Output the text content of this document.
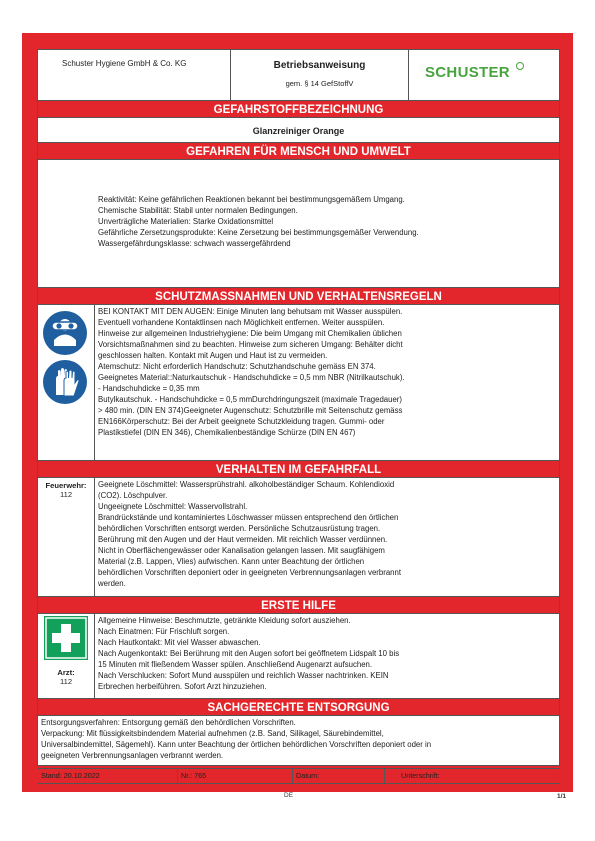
Schuster Hygiene GmbH & Co. KG	Betriebsanweisung
gem. § 14 GefStoffV
SCHUSTER
GEFAHRSTOFFBEZEICHNUNG
Glanzreiniger Orange
GEFAHREN FÜR MENSCH UND UMWELT

Reaktivität: Keine gefährlichen Reaktionen bekannt bei bestimmungsgemäßem Umgang.

Chemische Stabilität: Stabil unter normalen Bedingungen.

Unverträgliche Materialien: Starke Oxidationsmittel

Gefährliche Zersetzungsprodukte: Keine Zersetzung bei bestimmungsgemäßer Verwendung.

Wassergefährdungsklasse: schwach wassergefährdend

SCHUTZMASSNAHMEN UND VERHALTENSREGELN

BEI KONTAKT MIT DEN AUGEN: Einige Minuten lang behutsam mit Wasser ausspülen.

Eventuell vorhandene Kontaktlinsen nach Möglichkeit entfernen. Weiter ausspülen.

Hinweise zur allgemeinen Industriehygiene: Die beim Umgang mit Chemikalien üblichen

Vorsichtsmaßnahmen sind zu beachten. Hinweise zum sicheren Umgang: Behälter dicht

geschlossen halten. Kontakt mit Augen und Haut ist zu vermeiden.

Atemschutz: Nicht erforderlich Handschutz: Schutzhandschuhe gemäss EN 374.

Geeignetes Material::Naturkautschuk - Handschuhdicke = 0,5 mm NBR (Nitrilkautschuk).

- Handschuhdicke = 0,35 mm

Butylkautschuk. - Handschuhdicke = 0,5 mmDurchdringungszeit (maximale Tragedauer)

> 480 min. (DIN EN 374)Geeigneter Augenschutz: Schutzbrille mit Seitenschutz gemäss

EN166Körperschutz: Bei der Arbeit geeignete Schutzkleidung tragen. Gummi- oder

Plastikstiefel (DIN EN 346), Chemikalienbeständige Schürze (DIN EN 467)

VERHALTEN IM GEFAHRFALL
Feuerwehr:
112

Geeignete Löschmittel: Wassersprühstrahl. alkoholbeständiger Schaum. Kohlendioxid

(CO2). Löschpulver.

Ungeeignete Löschmittel: Wasservollstrahl.

Brandrückstände und kontaminiertes Löschwasser müssen entsprechend den örtlichen

behördlichen Vorschriften entsorgt werden. Persönliche Schutzausrüstung tragen.

Berührung mit den Augen und der Haut vermeiden. Mit reichlich Wasser verdünnen.

Nicht in Oberflächengewässer oder Kanalisation gelangen lassen. Mit saugfähigem

Material (z.B. Lappen, Vlies) aufwischen. Kann unter Beachtung der örtlichen

behördlichen Vorschriften deponiert oder in geeigneten Verbrennungsanlagen verbrannt

werden.

ERSTE HILFE
Arzt:
112

Allgemeine Hinweise: Beschmutzte, getränkte Kleidung sofort ausziehen.

Nach Einatmen: Für Frischluft sorgen.

Nach Hautkontakt: Mit viel Wasser abwaschen.

Nach Augenkontakt: Bei Berührung mit den Augen sofort bei geöffnetem Lidspalt 10 bis

15 Minuten mit fließendem Wasser spülen. Anschließend Augenarzt aufsuchen.

Nach Verschlucken: Sofort Mund ausspülen und reichlich Wasser nachtrinken. KEIN

Erbrechen herbeiführen. Sofort Arzt hinzuziehen.

SACHGERECHTE ENTSORGUNG

Entsorgungsverfahren: Entsorgung gemäß den behördlichen Vorschriften.

Verpackung: Mit flüssigkeitsbindendem Material aufnehmen (z.B. Sand, Silikagel, Säurebindemittel,

Universalbindemittel, Sägemehl). Kann unter Beachtung der örtlichen behördlichen Vorschriften deponiert oder in

geeigneten Verbrennungsanlagen verbrannt werden.

Stand: 20.10.2022	Nr.: 765	Datum:	Unterschrift:
DE	1/1
